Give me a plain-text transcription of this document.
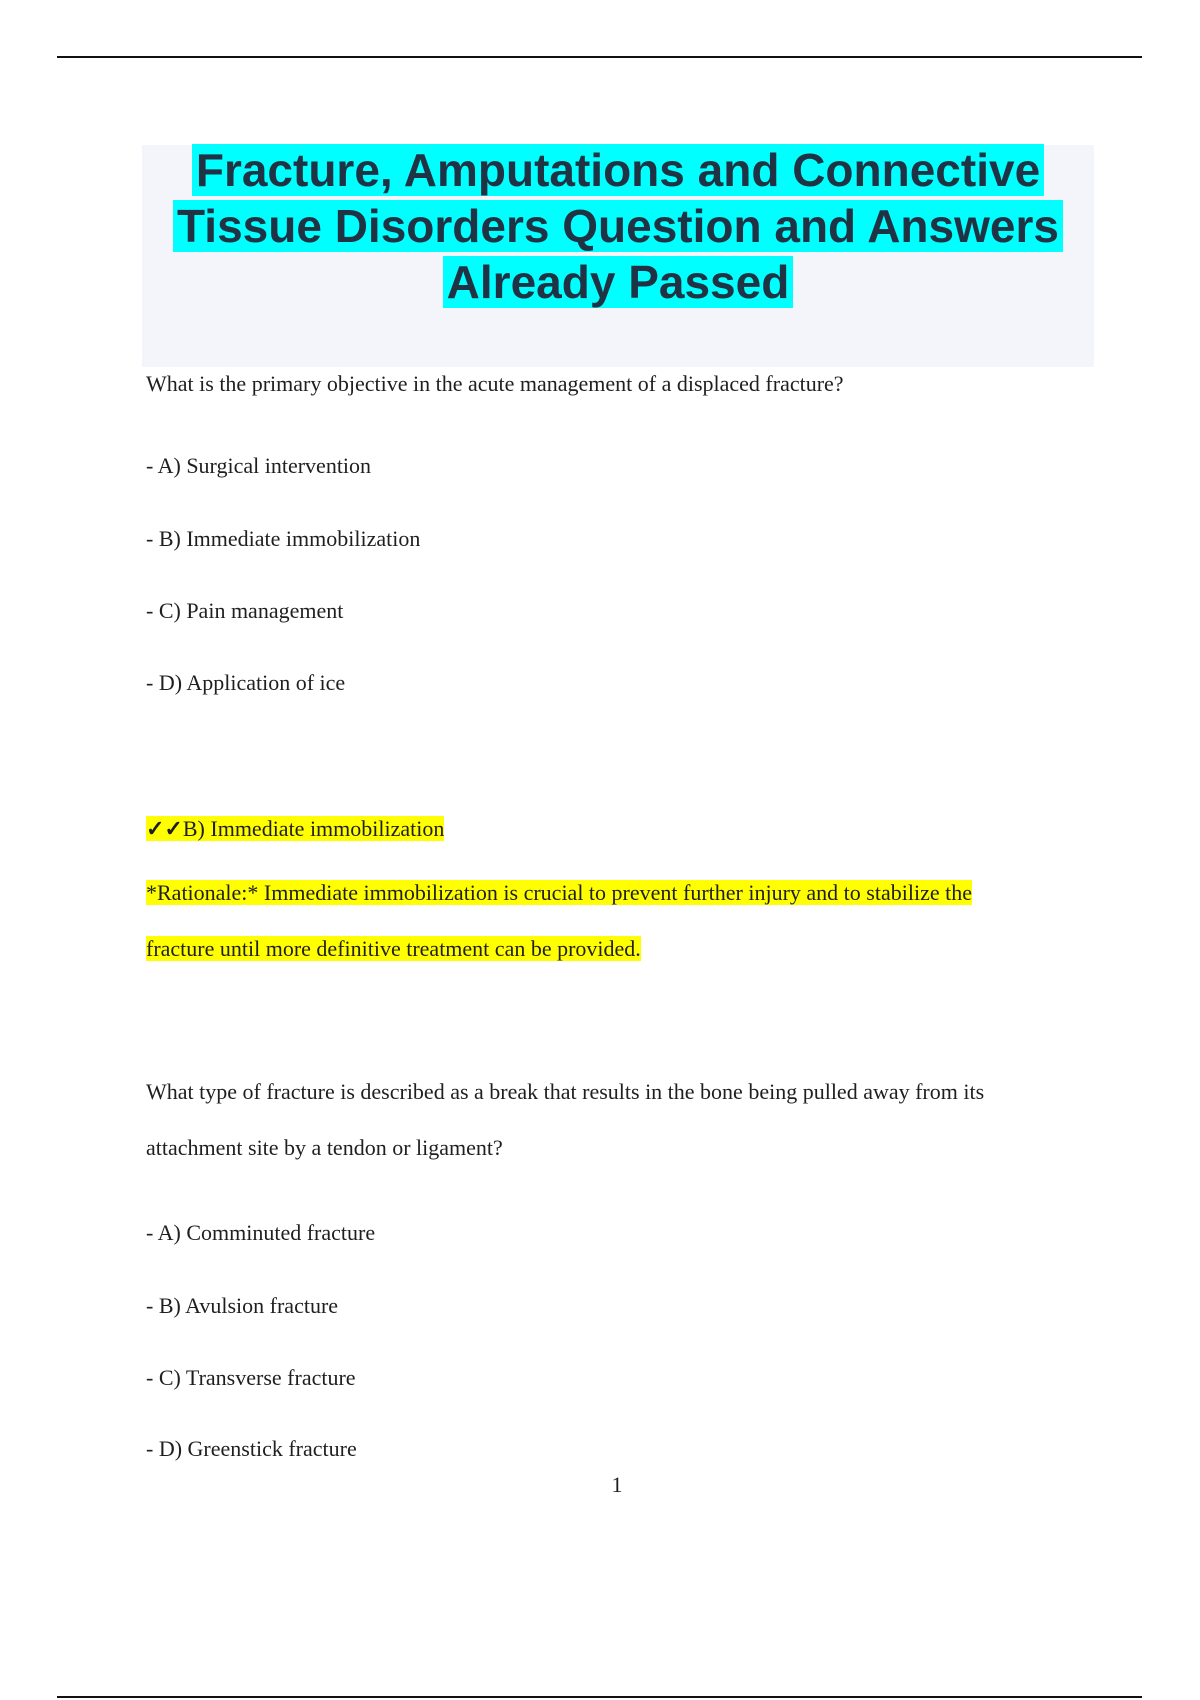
Fracture, Amputations and Connective
Tissue Disorders Question and Answers
Already Passed

What is the primary objective in the acute management of a displaced fracture?

- A) Surgical intervention

- B) Immediate immobilization

- C) Pain management

- D) Application of ice

✓✓B) Immediate immobilization

*Rationale:* Immediate immobilization is crucial to prevent further injury and to stabilize the
fracture until more definitive treatment can be provided.

What type of fracture is described as a break that results in the bone being pulled away from its
attachment site by a tendon or ligament?

- A) Comminuted fracture

- B) Avulsion fracture

- C) Transverse fracture

- D) Greenstick fracture

1
